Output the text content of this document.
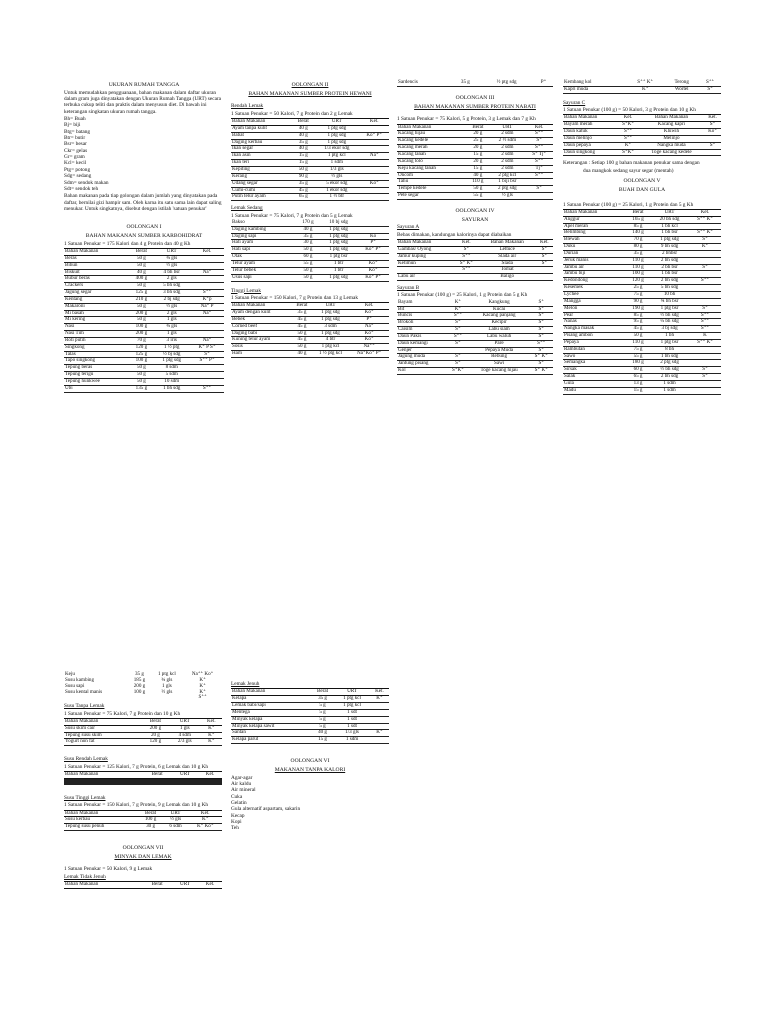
UKURAN RUMAH TANGGA

Untuk memudahkan pengguanaan, bahan makanan dalam daftar ukuran dalam gram juga dinyatakan dengan Ukuran Rumah Tangga (URT) secara terbuka cukup teliti dan praktis dalam menyusun diet. Di bawah ini keterangan singkatan ukuran rumah tangga.

Bh= Buah
Bj= biji
Btg= batang
Btr= butir
Bsr= besar
Ckr= gelas
Gr= gram
Kcl= kecil
Ptg= potong
Sdg= sedang
Sdm= sendok makan
Sdt= sendok teh

Bahan makanan pada tiap golongan dalam jumlah yang dinyatakan pada daftar, bernilai gizi hampir sam. Oleh karna itu satu sama lain dapat saling menukar. Untuk singkatnya, disebut dengan istilah 'satuan penukar'

OOLONGAN I

BAHAN MAKANAN SUMBER KARBOHIDRAT

1 Satuan Penukar = 175 Kalori dan 4 g Protein dan 40 g Kh

Bahan Makanan	Berat	URT	Ket.
Beras	50 g	¾ gls	
Bihun	50 g	½ gls	
Biskuit	40 g	4 bh bsr	Na⁺
Bubur beras	400 g	2 gls	
Crackers	50 g	5 bh sdg	
Jagung segar	125 g	3 bh sdg	S⁺⁺
Kentang	210 g	2 bj sdg	K⁺p
Makaroni	50 g	½ gls	Na⁺ P
Mi basah	200 g	2 gls	Na⁺
Mi kering	50 g	1 gls	
Nasi	100 g	¾ gls	
Nasi Tim	200 g	1 gls	
Roti putih	70 g	3 iris	Na⁺
Singkong	120 g	1 ½ ptg	K⁺ P S⁺
Talas	125 g	½ bj sdg	S⁺
Tapo singkong	100 g	1 ptg sdg	S⁺⁺ P⁺
Tepung beras	50 g	8 sdm	
Tepung terigu	50 g	5 sdm	
Tepung hunkwee	50 g	10 sdm	
Ubi	135 g	1 bh sdg	S⁺⁺

OOLONGAN II

BAHAN MAKANAN SUMBER PROTEIN HEWANI

Rendah Lemak

1 Satuan Penukar = 50 Kalori, 7 g Protein dan 2 g Lemak

Bahan Makanan	Berat	URT	Ket.
Ayam tanpa kulit	40 g	1 ptg sdg	
Babat	40 g	1 ptg sdg	Ko⁺ P⁺
Daging kerbau	35 g	1 ptg sdg	
Ikan segar	40 g	1/3 ekor sdg	
Ikan asin	15 g	1 ptg kcl	Na⁺
Ikan teri	15 g	1 sdm	
Kepiting	50 g	1/3 gls	
Kerang	90 g	½ gls	
Udang segar	35 g	5 ekor sdg	Ko⁺
Cumi-cumi	45 g	1 ekor sdg	
Putih telur ayam	65 g	1 ½ btr	

Lemak Sedang

1 Satuan Penukar = 75 Kalori, 7 g Protein dan 5 g Lemak

Bakso	170 g	10 bj sdg	
Daging kambing	40 g	1 ptg sdg	
Daging sapi	35 g	1 ptg sdg	Ko
Hati ayam	30 g	1 ptg sdg	P⁺
Hati sapi	50 g	1 ptg sdg	Ko⁺ P⁺
Otak	60 g	1 ptg bsr	
Telur ayam	55 g	1 btr	Ko⁺
Telur bebek	50 g	1 btr	Ko⁺
Usus sapi	50 g	1 ptg sdg	Ko⁺ P⁺

Tinggi Lemak

1 Satuan Penukar = 150 Kalori, 7 g Protein dan 13 g Lemak

Bahan Makanan	Berat	URT	Ket.
Ayam dengan kulit	35 g	1 ptg sdg	Ko⁺
Bebek	45 g	1 ptg sdg	P⁺
Corned beef	45 g	3 sdm	Na⁺
Daging babi	50 g	1 ptg sdg	Ko⁺
Kuning telur ayam	45 g	4 btr	Ko⁺
Sosis	50 g	1 ptg kcl	Na⁺⁺
Ham	40 g	1 ½ ptg kcl	Na⁺Ko⁺ P⁺
Sardencis	35 g	½ ptg sdg	P⁺

OOLONGAN III

BAHAN MAKANAN SUMBER PROTEIN NABATI

1 Satuan Penukar = 75 Kalori, 5 g Protein, 3 g Lemak dan 7 g Kh

Bahan Makanan	Berat	URT	Ket.
Kacang hijau	20 g	2 sdm	S⁺⁺
Kacang kedele	25 g	2 ½ sdm	S⁺
Kacang merah	20 g	2 sdm	S⁺⁺
Kacang tanah	15 g	2 sdm	S⁺ Tj⁺
Kacang tolo	20 g	2 sdm	S⁺⁺
Keju kacang tanah	15 g	2 sdm	Tj⁺
Oncom	40 g	2 ptg kcl	S⁺⁺
Tahu	110 g	1 biji bsr	
Tempe kedele	50 g	2 ptg sdg	S⁺
Pete segar	55 g	½ gls	

OOLONGAN IV

SAYURAN

Sayuran A

Bebas dimakan, kandungan kalorinya dapat diabaikan

Bahan Makanan	Ket.	Bahan Makanan	Ket.
Gambas/ Oyong	S⁺	Lettuce	S⁺
Jamur kuping	S⁺⁺	Slada air	S⁺
Ketimun	S⁺ K⁺	Slada	S⁺
	S⁺⁺	Tomat	
Labu air		Baligo	

Sayuran B

1 Satuan Penukar (100 g) = 25 Kalori, 1 g Protein dan 5 g Kh

Bayam	K⁺	Kangkung	S⁺
Bit	K⁺	Kucai	S⁺
Buncis	S⁺⁺	Kacang panjang	S⁺
Brokoli	S⁺	Kecipir	S⁺
Caisim	S⁺	Labu siam	S⁺
Daun Pakis	S⁺⁺	Labu waluh	S⁺
Daun kemangi	S⁺	Pare	S⁺⁺
Genjer		Pepaya Muda	S⁺
Jagung muda	S⁺	Rebung	S⁺ K⁺
Jantung pisang	S⁺	Sawi	S⁺
Kol	S⁺K⁺	Toge kacang hijau	S⁺ K⁺
Kembang kol	S⁺⁺ K⁺	Terong	S⁺⁺
Kapri muda	K⁺	Wortel	S⁺

Sayuran C

1 Satuan Penukar (100 g) = 50 Kalori, 3 g Protein dan 10 g Kh

Bahan Makanan	Ket.	Bahan Makanan	Ket.
Bayam merah	S⁺K⁺	Kacang kapri	S⁺
Daun katuk	S⁺⁺	Kluwih	Ko⁺
Daun melinjo	S⁺⁺	Melinjo	
Daun pepaya	K⁺	Nangka muda	S⁺
Daun singkong	S⁺K⁺	Toge kacang kedele	

Keterangan : Setiap 100 g bahan makanan penukar sama dengan

dua mangkok sedang sayur segar (mentah)

OOLONGAN V

BUAH DAN GULA

1 Satuan Penukar (100 g) = 25 Kalori, 1 g Protein dan 5 g Kh

Bahan Makanan	Berat	URT	Ket.
Anggur	165 g	20 bh sdg	S⁺⁺ K⁺
Apel merah	85 g	1 bh kcl	
Belimbing	140 g	1 bh bsr	S⁺⁺ K⁺
Blewah	70 g	1 ptg sdg	S⁺
Duku	80 g	9 bh sdg	K⁺
Durian	35 g	2 bhbsr	
Jeruk manis	110 g	2 bh sdg	
Jambu air	110 g	2 bh bsr	S⁺
Jambu biji	100 g	1 bh bsr	
Kedondong	120 g	2 bh sdg	S⁺⁺
Kesemek	25 g	5 bh sdg	
Lychee	75 g	10 bh	
Mangga	90 g	¾ bh bsr	
Melon	190 g	1 ptg bsr	S⁺
Pear	85 g	½ bh sdg	S⁺⁺
Nanas	95 g	¼ bh sdg	S⁺⁺
Nangka masak	45 g	3 bj sdg	S⁺⁺
Pisang ambon	50 g	1 bh	K
Pepaya	110 g	1 ptg bsr	S⁺⁺ K⁺
Rambutan	75 g	8 bh	
Sawo	55 g	1 bh sdg	
Semangka	180 g	2 ptg sdg	
Sirsak	60 g	½ bh sdg	S⁺
Salak	65 g	2 bh sdg	S⁺
Gula	13 g	1 sdm	
Madu	15 g	1 sdm	
Keju	35 g	1 ptg kcl	Na⁺⁺ Ko⁺
Susu kambing	185 g	¾ gls	K⁺
Susu sapi	200 g	1 gls	K⁺
Susu kental manis	100 g	½ gls	K⁺
			S⁺⁺

Susu Tanpa Lemak

1 Satuan Penukar = 75 Kalori, 7 g Protein dan 10 g Kh

Bahan Makanan	Berat	URT	Ket.
Susu skim cair	200 g	1 gls	K⁺
Tepung susu skim	20 g	4 sdm	K⁺
Yogurt non fat	120 g	2/3 gls	K⁺

Susu Rendah Lemak

1 Satuan Penukar = 125 Kalori, 7 g Protein, 6 g Lemak dan 10 g Kh

Bahan Makanan	Berat	URT	Ket.

Susu Tinggi Lemak

1 Satuan Penukar = 150 Kalori, 7 g Protein, 9 g Lemak dan 10 g Kh

Bahan Makanan	Berat	URT	Ket.
Susu kerbau	100 g	½ gls	K⁺
Tepung susu penuh	30 g	6 sdm	K⁺ Ko⁺

OOLONGAN VII

MINYAK DAN LEMAK

1 Satuan Penukar = 50 Kalori, 9 g Lemak

Lemak Tidak Jenuh

Bahan Makanan	Berat	URT	Ket.

Lemak Jenuh

Bahan Makanan	Berat	URT	Ket.
Kelapa	35 g	1 ptg kcl	K⁺
Lemak babi/sapi	5 g	1 ptg kcl	
Mentega	5 g	1 sdt	
Minyak kelapa	5 g	1 sdt	
Minyak kelapa sawit	5 g	1 sdt	
Santan	40 g	1/3 gls	K⁺
Kelapa parut	15 g	1 sdm	

OOLONGAN VI

MAKANAN TANPA KALORI

Agar-agar
Air kaldu
Air mineral
Cuka
Gelatin
Gula alternatif aspartam, sakarin
Kecap
Kopi
Teh
